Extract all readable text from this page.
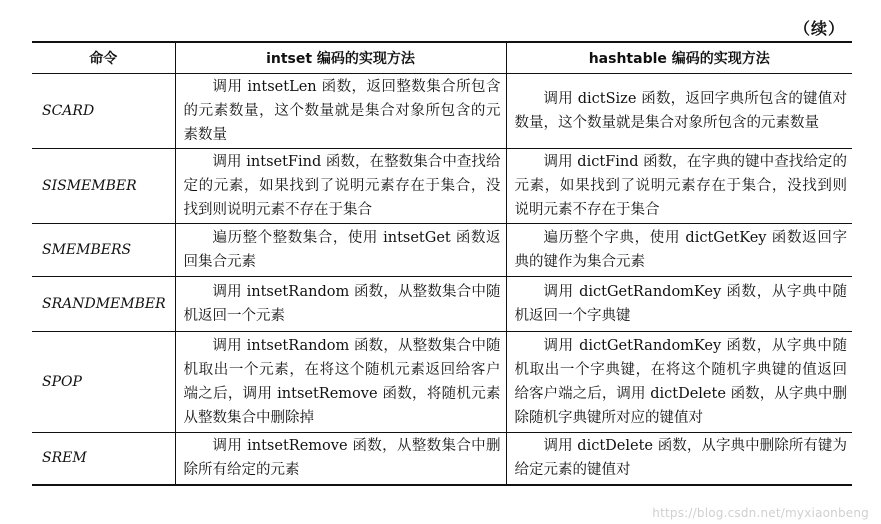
（续）
命令	intset 编码的实现方法	hashtable 编码的实现方法
SCARD	调用 intsetLen 函数，返回整数集合所包含的元素数量，这个数量就是集合对象所包含的元素数量	调用 dictSize 函数，返回字典所包含的键值对数量，这个数量就是集合对象所包含的元素数量
SISMEMBER	调用 intsetFind 函数，在整数集合中查找给定的元素，如果找到了说明元素存在于集合，没找到则说明元素不存在于集合	调用 dictFind 函数，在字典的键中查找给定的元素，如果找到了说明元素存在于集合，没找到则说明元素不存在于集合
SMEMBERS	遍历整个整数集合，使用 intsetGet 函数返回集合元素	遍历整个字典，使用 dictGetKey 函数返回字典的键作为集合元素
SRANDMEMBER	调用 intsetRandom 函数，从整数集合中随机返回一个元素	调用 dictGetRandomKey 函数，从字典中随机返回一个字典键
SPOP	调用 intsetRandom 函数，从整数集合中随机取出一个元素，在将这个随机元素返回给客户端之后，调用 intsetRemove 函数，将随机元素从整数集合中删除掉	调用 dictGetRandomKey 函数，从字典中随机取出一个字典键，在将这个随机字典键的值返回给客户端之后，调用 dictDelete 函数，从字典中删除随机字典键所对应的键值对
SREM	调用 intsetRemove 函数，从整数集合中删除所有给定的元素	调用 dictDelete 函数，从字典中删除所有键为给定元素的键值对
https://blog.csdn.net/myxiaonbeng
